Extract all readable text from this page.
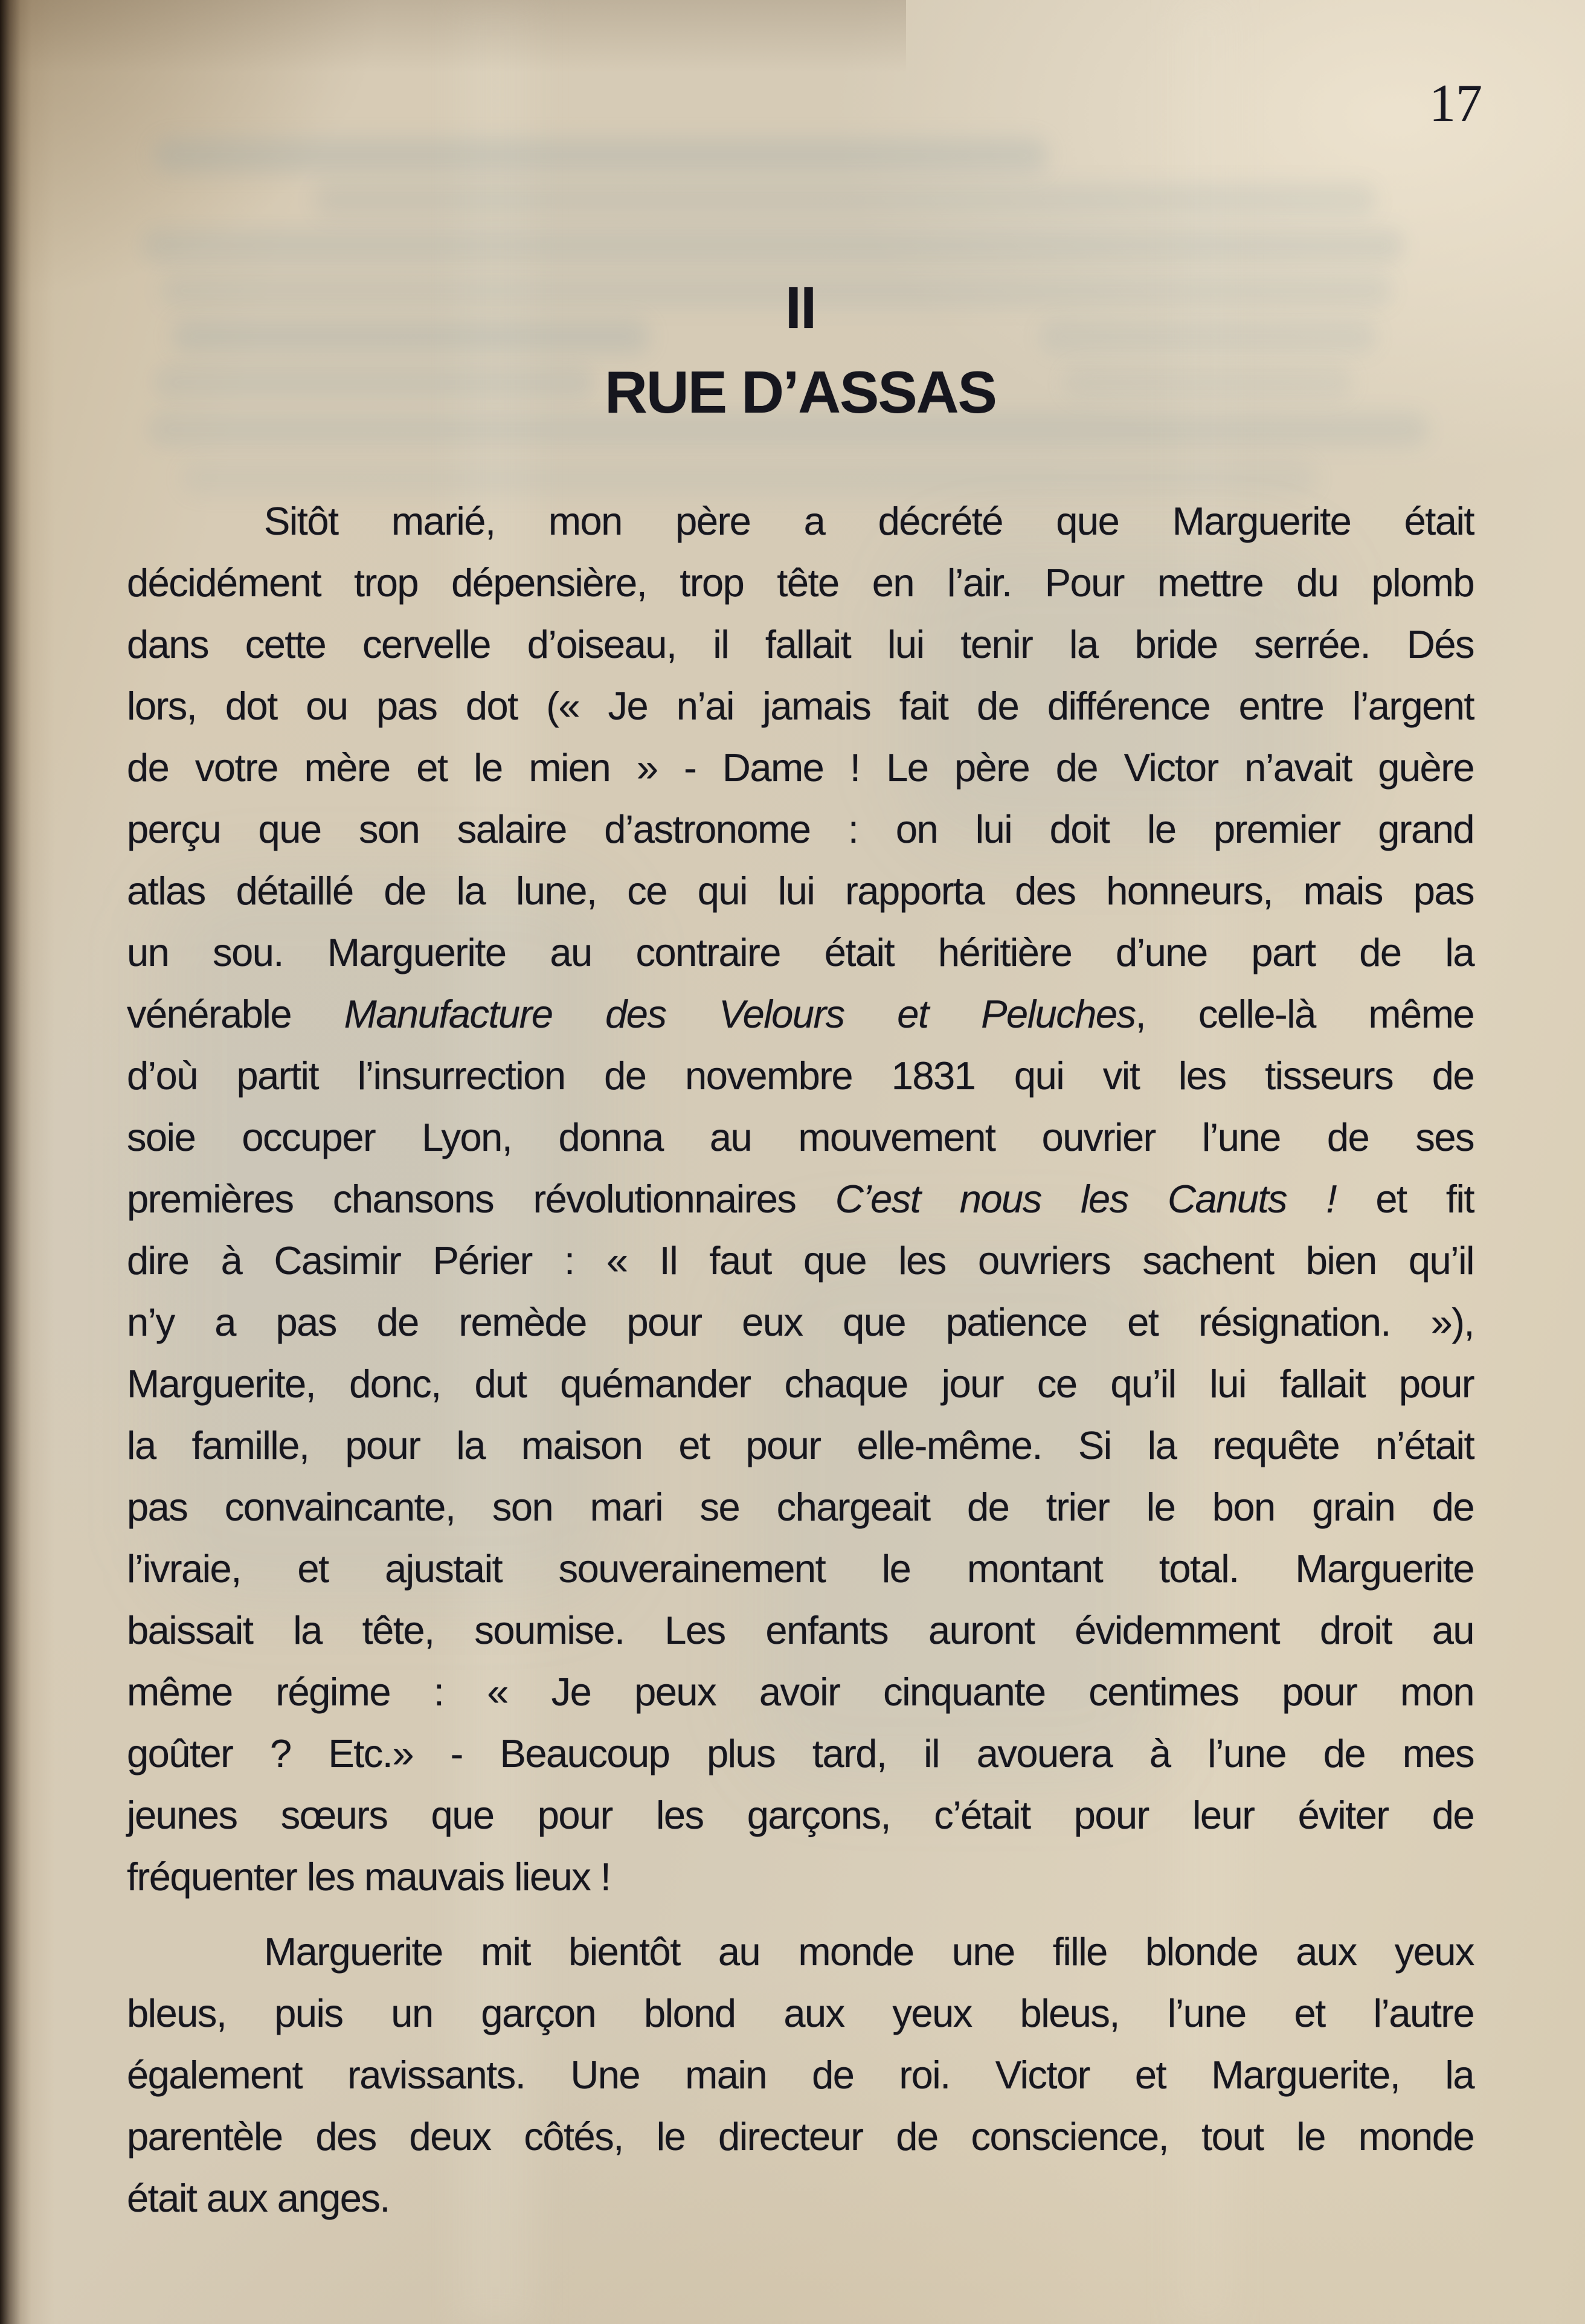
17
II
RUE D’ASSAS
Sitôt marié, mon père a décrété que Marguerite était
décidément trop dépensière, trop tête en l’air. Pour mettre du plomb
dans cette cervelle d’oiseau, il fallait lui tenir la bride serrée. Dés
lors, dot ou pas dot (« Je n’ai jamais fait de différence entre l’argent
de votre mère et le mien » - Dame ! Le père de Victor n’avait guère
perçu que son salaire d’astronome : on lui doit le premier grand
atlas détaillé de la lune, ce qui lui rapporta des honneurs, mais pas
un sou. Marguerite au contraire était héritière d’une part de la
vénérable Manufacture des Velours et Peluches, celle-là même
d’où partit l’insurrection de novembre 1831 qui vit les tisseurs de
soie occuper Lyon, donna au mouvement ouvrier l’une de ses
premières chansons révolutionnaires C’est nous les Canuts ! et fit
dire à Casimir Périer : « Il faut que les ouvriers sachent bien qu’il
n’y a pas de remède pour eux que patience et résignation. »),
Marguerite, donc, dut quémander chaque jour ce qu’il lui fallait pour
la famille, pour la maison et pour elle-même. Si la requête n’était
pas convaincante, son mari se chargeait de trier le bon grain de
l’ivraie, et ajustait souverainement le montant total. Marguerite
baissait la tête, soumise. Les enfants auront évidemment droit au
même régime : « Je peux avoir cinquante centimes pour mon
goûter ? Etc.» - Beaucoup plus tard, il avouera à l’une de mes
jeunes sœurs que pour les garçons, c’était pour leur éviter de
fréquenter les mauvais lieux !
Marguerite mit bientôt au monde une fille blonde aux yeux
bleus, puis un garçon blond aux yeux bleus, l’une et l’autre
également ravissants. Une main de roi. Victor et Marguerite, la
parentèle des deux côtés, le directeur de conscience, tout le monde
était aux anges.
